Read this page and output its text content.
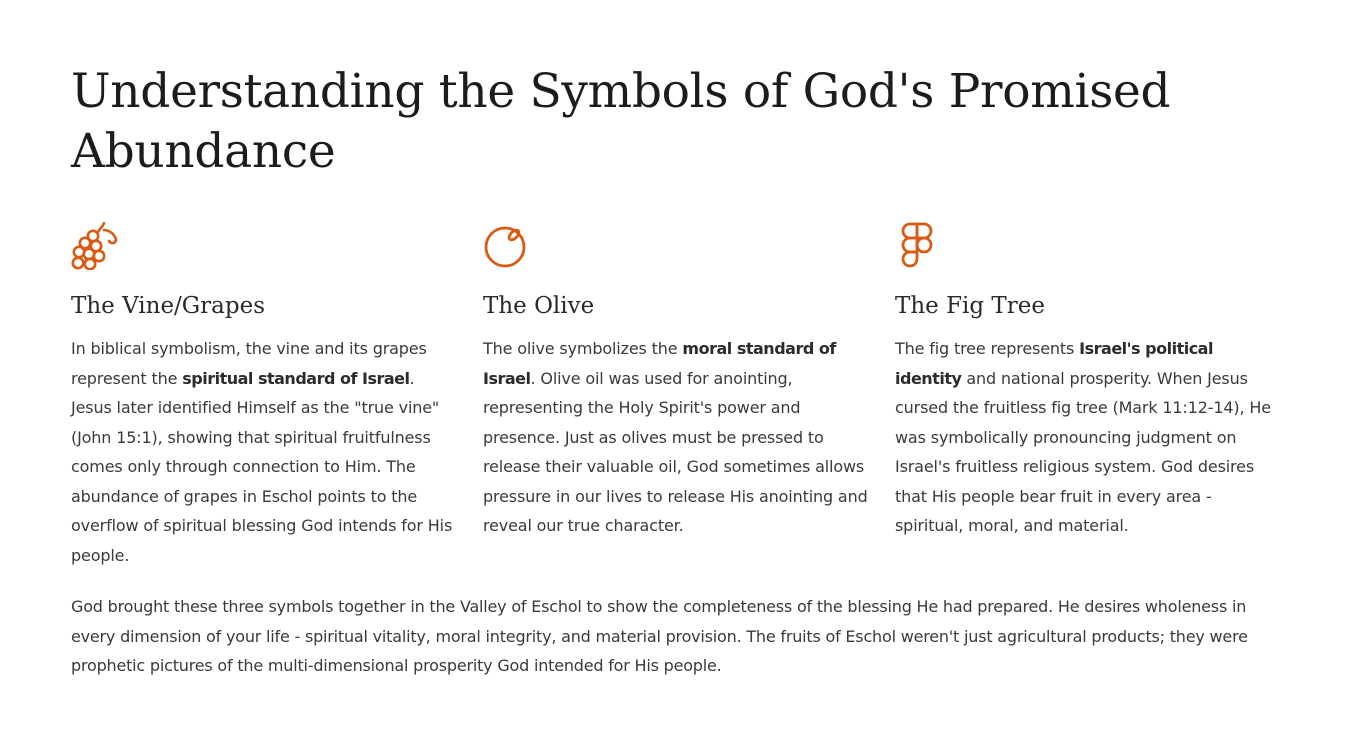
Understanding the Symbols of God's Promised Abundance
The Vine/Grapes

In biblical symbolism, the vine and its grapes represent the spiritual standard of Israel. Jesus later identified Himself as the "true vine" (John 15:1), showing that spiritual fruitfulness comes only through connection to Him. The abundance of grapes in Eschol points to the overflow of spiritual blessing God intends for His people.

The Olive

The olive symbolizes the moral standard of Israel. Olive oil was used for anointing, representing the Holy Spirit's power and presence. Just as olives must be pressed to release their valuable oil, God sometimes allows pressure in our lives to release His anointing and reveal our true character.

The Fig Tree

The fig tree represents Israel's political identity and national prosperity. When Jesus cursed the fruitless fig tree (Mark 11:12-14), He was symbolically pronouncing judgment on Israel's fruitless religious system. God desires that His people bear fruit in every area - spiritual, moral, and material.

God brought these three symbols together in the Valley of Eschol to show the completeness of the blessing He had prepared. He desires wholeness in every dimension of your life - spiritual vitality, moral integrity, and material provision. The fruits of Eschol weren't just agricultural products; they were prophetic pictures of the multi-dimensional prosperity God intended for His people.
